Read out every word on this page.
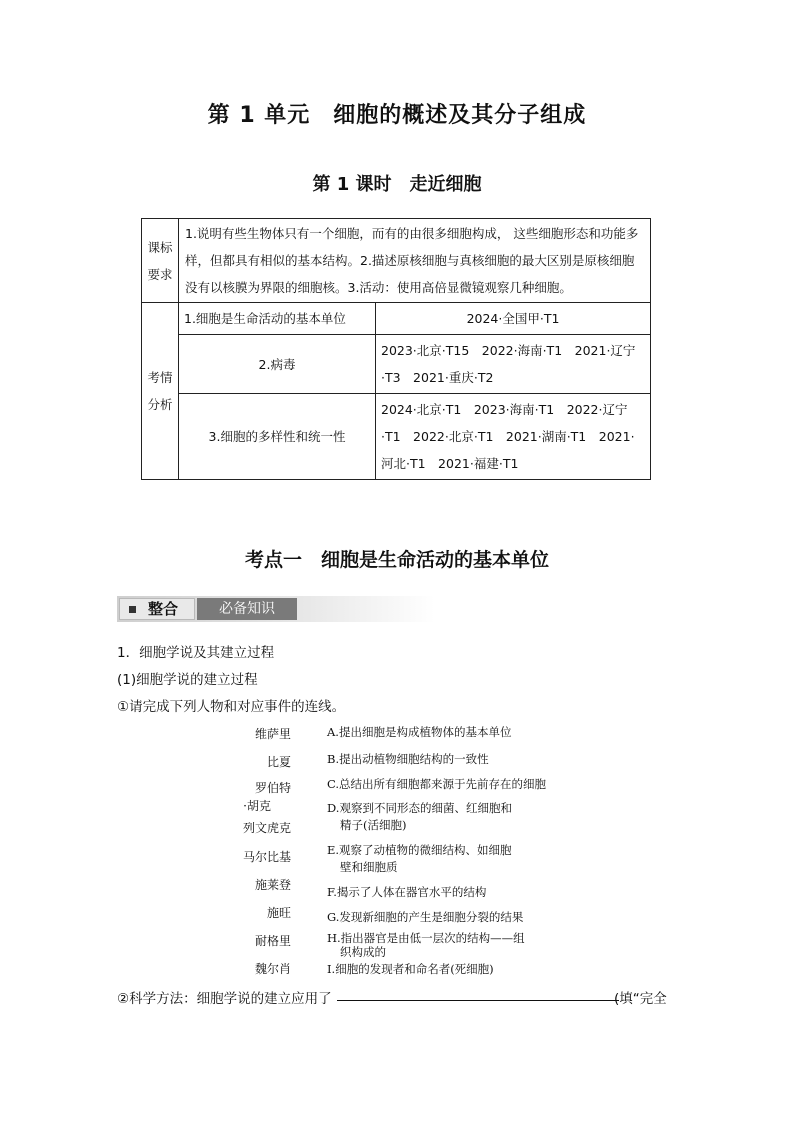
第 1 单元　细胞的概述及其分子组成
第 1 课时　走近细胞
课标
要求	1.说明有些生物体只有一个细胞，而有的由很多细胞构成， 这些细胞形态和功能多样，但都具有相似的基本结构。2.描述原核细胞与真核细胞的最大区别是原核细胞没有以核膜为界限的细胞核。3.活动：使用高倍显微镜观察几种细胞。	

考情
分析	1.细胞是生命活动的基本单位	2024·全国甲·T1
	2.病毒	2023·北京·T15　2022·海南·T1　2021·辽宁·T3　2021·重庆·T2
	3.细胞的多样性和统一性	2024·北京·T1　2023·海南·T1　2022·辽宁·T1　2022·北京·T1　2021·湖南·T1　2021·河北·T1　2021·福建·T1
考点一　细胞是生命活动的基本单位
整合	必备知识
1．细胞学说及其建立过程
(1)细胞学说的建立过程
①请完成下列人物和对应事件的连线。
维萨里
比夏
罗伯特
·胡克
列文虎克
马尔比基
施莱登
施旺
耐格里
魏尔肖
A.提出细胞是构成植物体的基本单位
B.提出动植物细胞结构的一致性
C.总结出所有细胞都来源于先前存在的细胞
D.观察到不同形态的细菌、红细胞和
精子(活细胞)
E.观察了动植物的微细结构、如细胞
壁和细胞质
F.揭示了人体在器官水平的结构
G.发现新细胞的产生是细胞分裂的结果
H.指出器官是由低一层次的结构——组
织构成的
I.细胞的发现者和命名者(死细胞)
②科学方法：细胞学说的建立应用了	(填“完全
